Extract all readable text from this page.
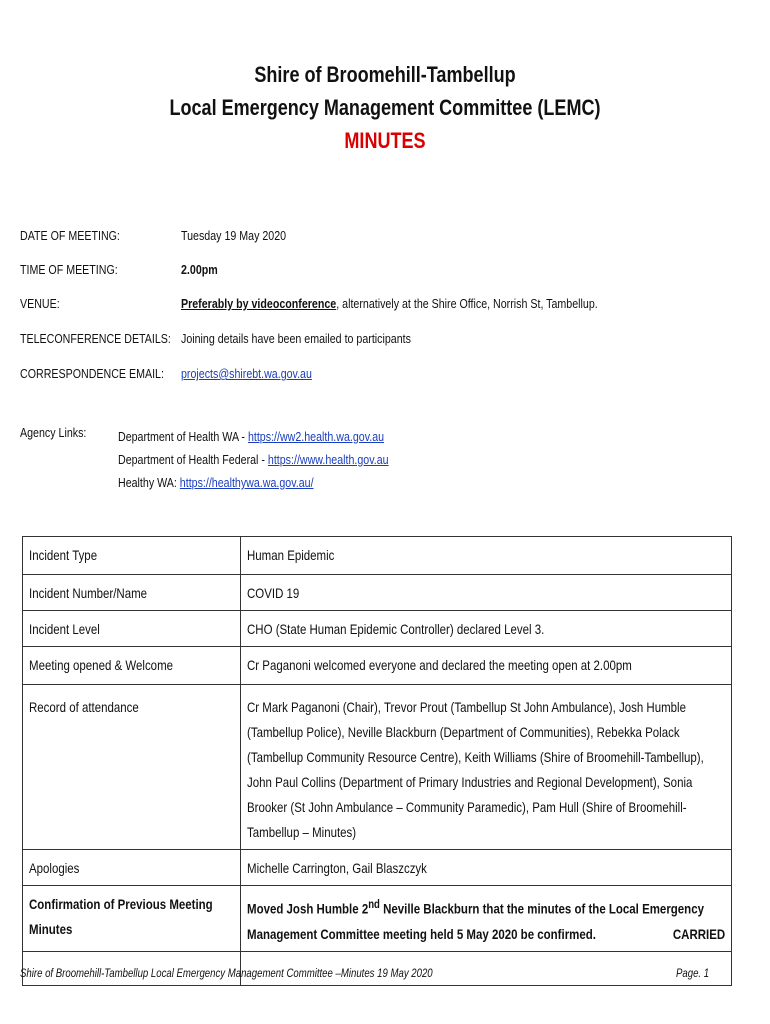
Shire of Broomehill-Tambellup
Local Emergency Management Committee (LEMC)
MINUTES
DATE OF MEETING:	Tuesday 19 May 2020
TIME OF MEETING:	2.00pm
VENUE:	Preferably by videoconference, alternatively at the Shire Office, Norrish St, Tambellup.
TELECONFERENCE DETAILS: Joining details have been emailed to participants
CORRESPONDENCE EMAIL:	projects@shirebt.wa.gov.au
Agency Links:	Department of Health WA - https://ww2.health.wa.gov.au
Department of Health Federal - https://www.health.gov.au
Healthy WA: https://healthywa.wa.gov.au/
Incident Type	Human Epidemic

Incident Number/Name	COVID 19

Incident Level	CHO (State Human Epidemic Controller) declared Level 3.

Meeting opened & Welcome	Cr Paganoni welcomed everyone and declared the meeting open at 2.00pm

Record of attendance	Cr Mark Paganoni (Chair), Trevor Prout (Tambellup St John Ambulance), Josh Humble (Tambellup Police), Neville Blackburn (Department of Communities), Rebekka Polack (Tambellup Community Resource Centre), Keith Williams (Shire of Broomehill-Tambellup), John Paul Collins (Department of Primary Industries and Regional Development), Sonia Brooker (St John Ambulance – Community Paramedic), Pam Hull (Shire of Broomehill-Tambellup – Minutes)

Apologies	Michelle Carrington, Gail Blaszczyk

Confirmation of Previous Meeting Minutes	Moved Josh Humble 2nd Neville Blackburn that the minutes of the Local Emergency Management Committee meeting held 5 May 2020 be confirmed. CARRIED

Shire of Broomehill-Tambellup Local Emergency Management Committee –Minutes 19 May 2020	Page. 1
